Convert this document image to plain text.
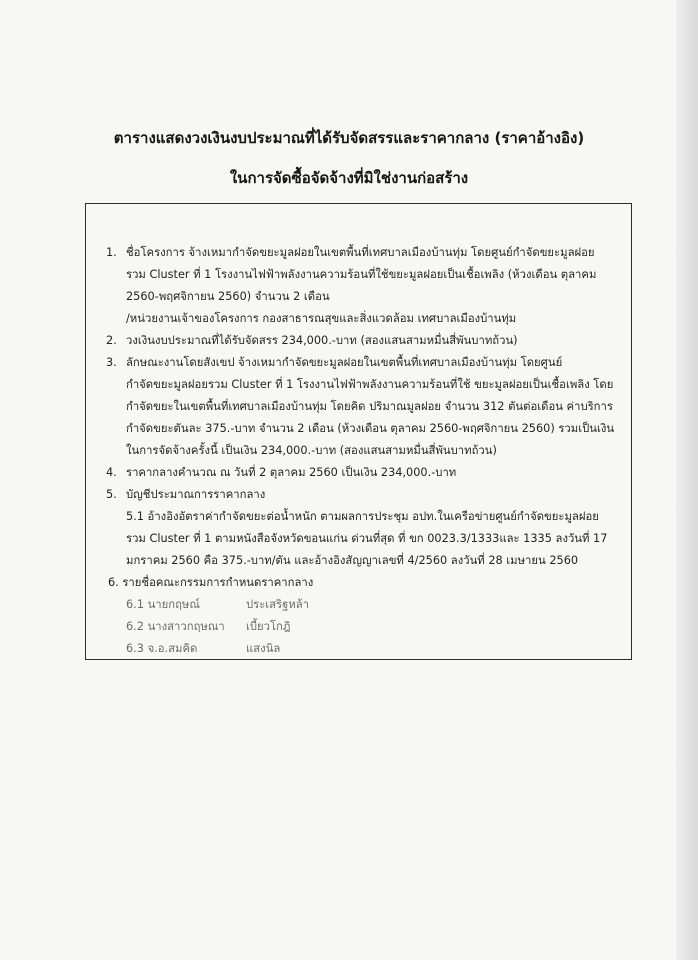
ตารางแสดงวงเงินงบประมาณที่ได้รับจัดสรรและราคากลาง (ราคาอ้างอิง)
ในการจัดซื้อจัดจ้างที่มิใช่งานก่อสร้าง
1. ชื่อโครงการ จ้างเหมากำจัดขยะมูลฝอยในเขตพื้นที่เทศบาลเมืองบ้านทุ่ม โดยศูนย์กำจัดขยะมูลฝอย
รวม Cluster ที่ 1 โรงงานไฟฟ้าพลังงานความร้อนที่ใช้ขยะมูลฝอยเป็นเชื้อเพลิง (ห้วงเดือน ตุลาคม
2560-พฤศจิกายน 2560) จำนวน 2 เดือน
/หน่วยงานเจ้าของโครงการ กองสาธารณสุขและสิ่งแวดล้อม เทศบาลเมืองบ้านทุ่ม
2. วงเงินงบประมาณที่ได้รับจัดสรร 234,000.-บาท (สองแสนสามหมื่นสี่พันบาทถ้วน)
3. ลักษณะงานโดยสังเขป จ้างเหมากำจัดขยะมูลฝอยในเขตพื้นที่เทศบาลเมืองบ้านทุ่ม โดยศูนย์
กำจัดขยะมูลฝอยรวม Cluster ที่ 1 โรงงานไฟฟ้าพลังงานความร้อนที่ใช้ ขยะมูลฝอยเป็นเชื้อเพลิง โดย
กำจัดขยะในเขตพื้นที่เทศบาลเมืองบ้านทุ่ม โดยคิด ปริมาณมูลฝอย จำนวน 312 ตันต่อเดือน ค่าบริการ
กำจัดขยะตันละ 375.-บาท จำนวน 2 เดือน (ห้วงเดือน ตุลาคม 2560-พฤศจิกายน 2560) รวมเป็นเงิน
ในการจัดจ้างครั้งนี้ เป็นเงิน 234,000.-บาท (สองแสนสามหมื่นสี่พันบาทถ้วน)
4. ราคากลางคำนวณ ณ วันที่ 2 ตุลาคม 2560 เป็นเงิน 234,000.-บาท
5. บัญชีประมาณการราคากลาง
5.1 อ้างอิงอัตราค่ากำจัดขยะต่อน้ำหนัก ตามผลการประชุม อปท.ในเครือข่ายศูนย์กำจัดขยะมูลฝอย
รวม Cluster ที่ 1 ตามหนังสือจังหวัดขอนแก่น ด่วนที่สุด ที่ ขก 0023.3/1333และ 1335 ลงวันที่ 17
มกราคม 2560 คือ 375.-บาท/ตัน และอ้างอิงสัญญาเลขที่ 4/2560 ลงวันที่ 28 เมษายน 2560
6. รายชื่อคณะกรรมการกำหนดราคากลาง
6.1 นายกฤษณ์	ประเสริฐหล้า
6.2 นางสาวกฤษณา เบี้ยวโกฎิ
6.3 จ.อ.สมคิด	แสงนิล
